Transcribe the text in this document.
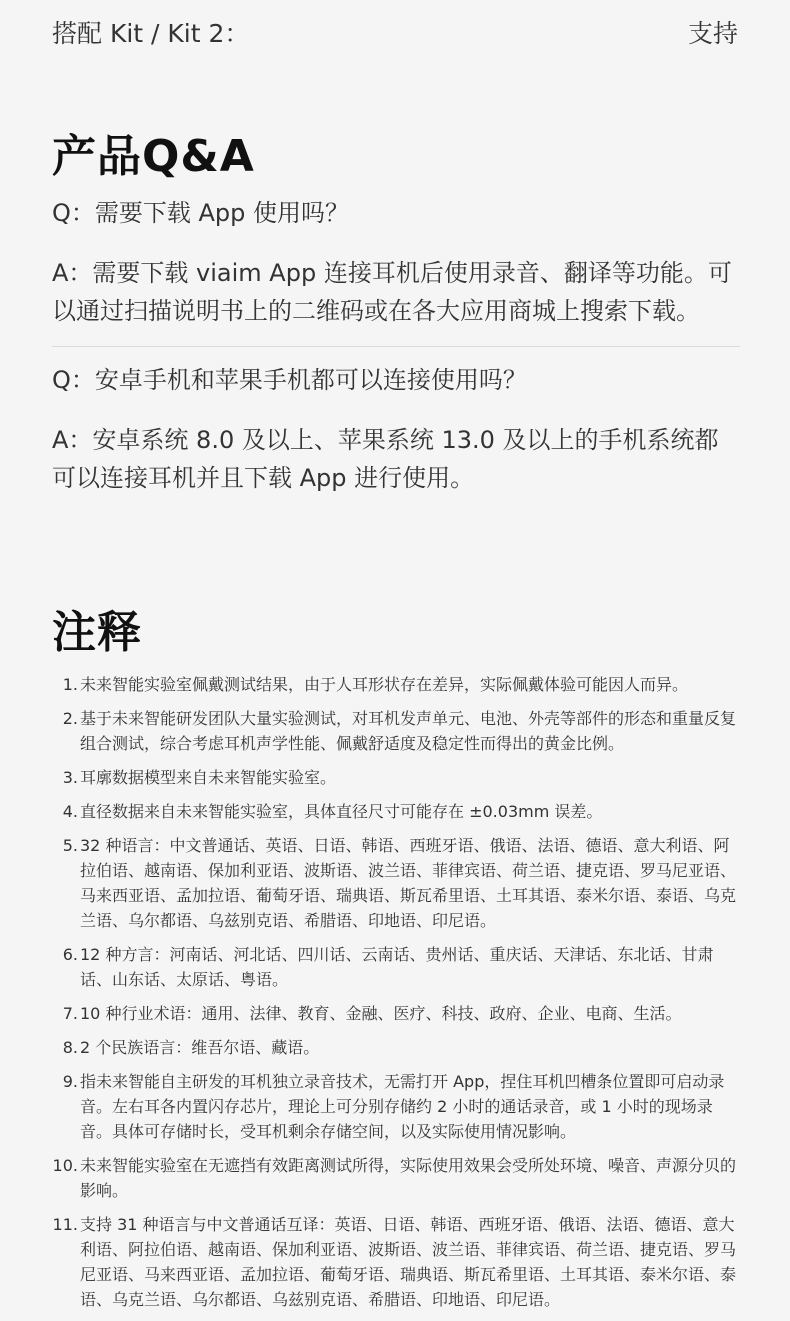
搭配 Kit / Kit 2：	支持
产品Q&A

Q：需要下载 App 使用吗？

A：需要下载 viaim App 连接耳机后使用录音、翻译等功能。可以通过扫描说明书上的二维码或在各大应用商城上搜索下载。

Q：安卓手机和苹果手机都可以连接使用吗？

A：安卓系统 8.0 及以上、苹果系统 13.0 及以上的手机系统都可以连接耳机并且下载 App 进行使用。

注释
1. 未来智能实验室佩戴测试结果，由于人耳形状存在差异，实际佩戴体验可能因人而异。
2. 基于未来智能研发团队大量实验测试，对耳机发声单元、电池、外壳等部件的形态和重量反复组合测试，综合考虑耳机声学性能、佩戴舒适度及稳定性而得出的黄金比例。
3. 耳廓数据模型来自未来智能实验室。
4. 直径数据来自未来智能实验室，具体直径尺寸可能存在 ±0.03mm 误差。
5. 32 种语言：中文普通话、英语、日语、韩语、西班牙语、俄语、法语、德语、意大利语、阿拉伯语、越南语、保加利亚语、波斯语、波兰语、菲律宾语、荷兰语、捷克语、罗马尼亚语、马来西亚语、孟加拉语、葡萄牙语、瑞典语、斯瓦希里语、土耳其语、泰米尔语、泰语、乌克兰语、乌尔都语、乌兹别克语、希腊语、印地语、印尼语。
6. 12 种方言：河南话、河北话、四川话、云南话、贵州话、重庆话、天津话、东北话、甘肃话、山东话、太原话、粤语。
7. 10 种行业术语：通用、法律、教育、金融、医疗、科技、政府、企业、电商、生活。
8. 2 个民族语言：维吾尔语、藏语。
9. 指未来智能自主研发的耳机独立录音技术，无需打开 App，捏住耳机凹槽条位置即可启动录音。左右耳各内置闪存芯片，理论上可分别存储约 2 小时的通话录音，或 1 小时的现场录音。具体可存储时长，受耳机剩余存储空间，以及实际使用情况影响。
10. 未来智能实验室在无遮挡有效距离测试所得，实际使用效果会受所处环境、噪音、声源分贝的影响。
11. 支持 31 种语言与中文普通话互译：英语、日语、韩语、西班牙语、俄语、法语、德语、意大利语、阿拉伯语、越南语、保加利亚语、波斯语、波兰语、菲律宾语、荷兰语、捷克语、罗马尼亚语、马来西亚语、孟加拉语、葡萄牙语、瑞典语、斯瓦希里语、土耳其语、泰米尔语、泰语、乌克兰语、乌尔都语、乌兹别克语、希腊语、印地语、印尼语。
